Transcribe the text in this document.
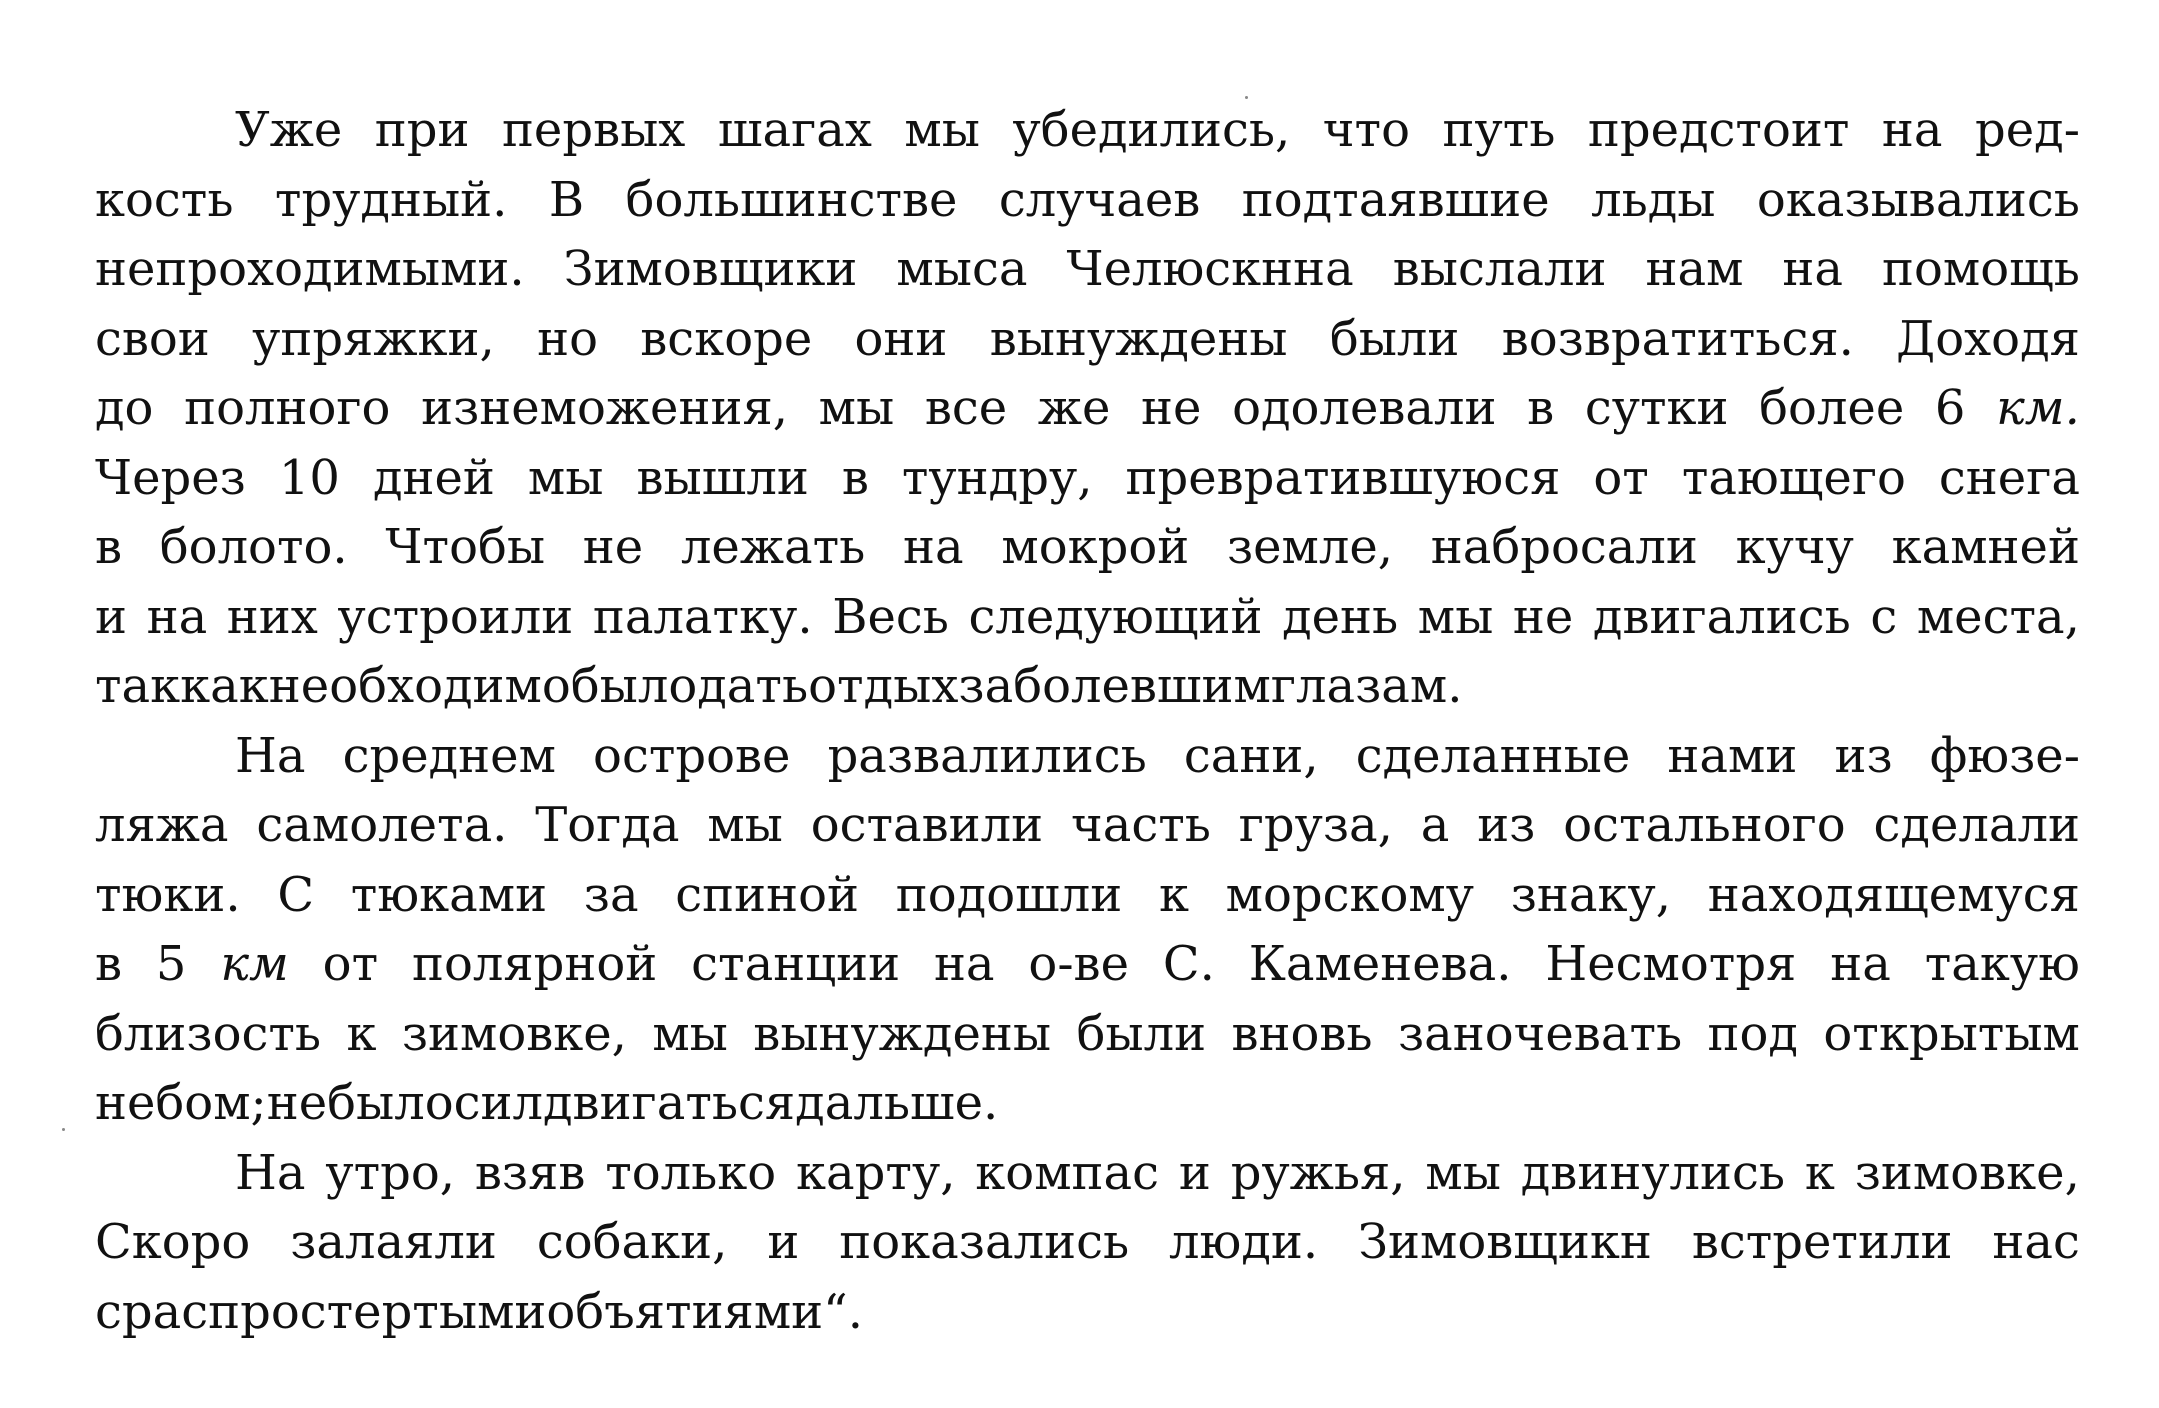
Уже при первых шагах мы убедились, что путь предстоит на ред-
кость трудный. В большинстве случаев подтаявшие льды оказывались
непроходимыми. Зимовщики мыса Челюскнна выслали нам на помощь
свои упряжки, но вскоре они вынуждены были возвратиться. Доходя
до полного изнеможения, мы все же не одолевали в сутки более 6 км.
Через 10 дней мы вышли в тундру, превратившуюся от тающего снега
в болото. Чтобы не лежать на мокрой земле, набросали кучу камней
и на них устроили палатку. Весь следующий день мы не двигались с места,
так как необходимо было дать отдых заболевшим глазам.
На среднем острове развалились сани, сделанные нами из фюзе-
ляжа самолета. Тогда мы оставили часть груза, а из остального сделали
тюки. С тюками за спиной подошли к морскому знаку, находящемуся
в 5 км от полярной станции на о-ве С. Каменева. Несмотря на такую
близость к зимовке, мы вынуждены были вновь заночевать под открытым
небом; не было сил двигаться дальше.
На утро, взяв только карту, компас и ружья, мы двинулись к зимовке,
Скоро залаяли собаки, и показались люди. Зимовщикн встретили нас
с распростертыми объятиями“.
